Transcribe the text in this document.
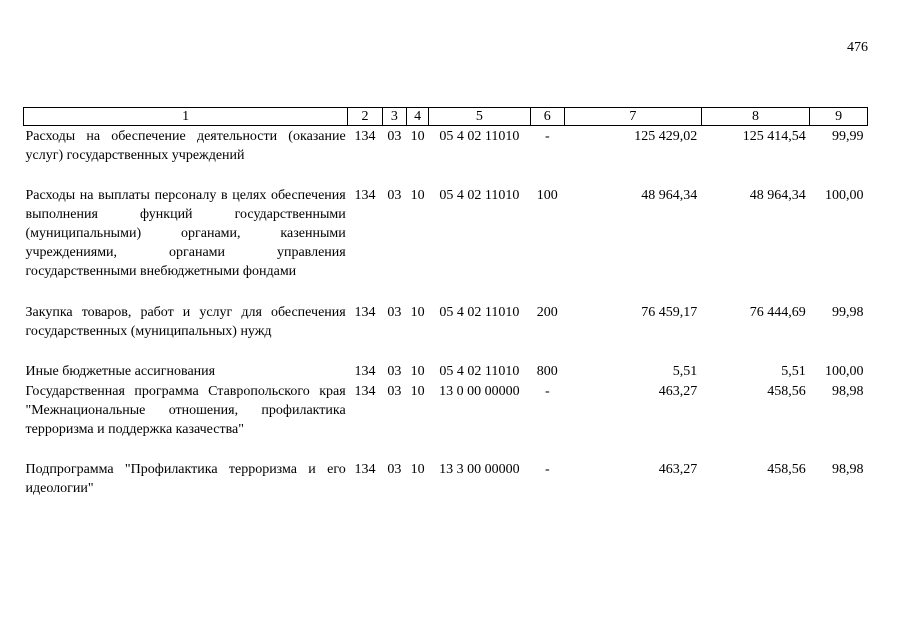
476
1	2	3	4	5	6	7	8	9
Расходы на обеспечение деятельности (оказание услуг) государственных учреждений	134	03	10	05 4 02 11010	-	125 429,02	125 414,54	99,99
Расходы на выплаты персоналу в целях обеспечения выполнения функций государственными (муниципальными) органами, казенными учреждениями, органами управления государственными внебюджетными фондами	134	03	10	05 4 02 11010	100	48 964,34	48 964,34	100,00
Закупка товаров, работ и услуг для обеспечения государственных (муниципальных) нужд	134	03	10	05 4 02 11010	200	76 459,17	76 444,69	99,98
Иные бюджетные ассигнования	134	03	10	05 4 02 11010	800	5,51	5,51	100,00
Государственная программа Ставропольского края "Межнациональные отношения, профилактика терроризма и поддержка казачества"	134	03	10	13 0 00 00000	-	463,27	458,56	98,98
Подпрограмма "Профилактика терроризма и его идеологии"	134	03	10	13 3 00 00000	-	463,27	458,56	98,98
